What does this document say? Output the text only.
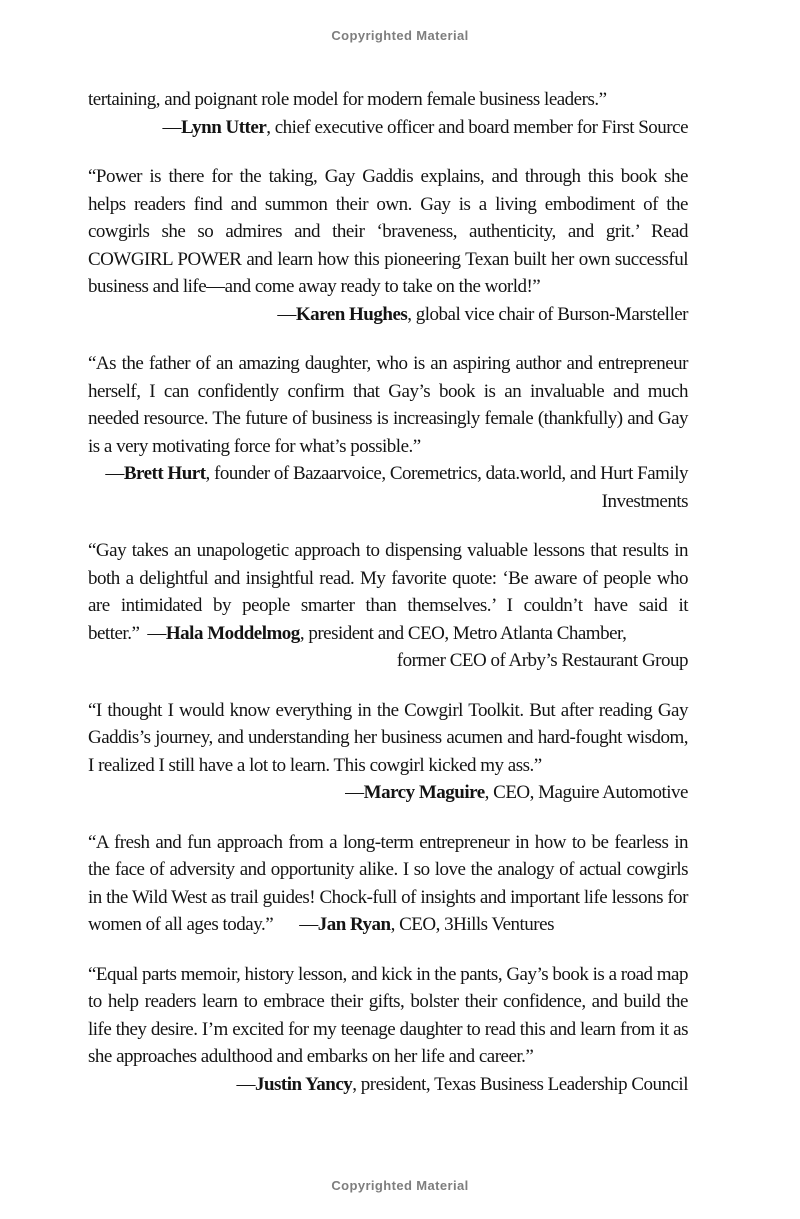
Copyrighted Material

tertaining, and poignant role model for modern female business leaders.”

—Lynn Utter, chief executive officer and board member for First Source

“Power is there for the taking, Gay Gaddis explains, and through this book she helps readers find and summon their own. Gay is a living embodiment of the cowgirls she so admires and their ‘braveness, authenticity, and grit.’ Read COWGIRL POWER and learn how this pioneering Texan built her own successful business and life—and come away ready to take on the world!”

—Karen Hughes, global vice chair of Burson-Marsteller

“As the father of an amazing daughter, who is an aspiring author and entrepreneur herself, I can confidently confirm that Gay’s book is an invaluable and much needed resource. The future of business is increasingly female (thankfully) and Gay is a very motivating force for what’s possible.”

—Brett Hurt, founder of Bazaarvoice, Coremetrics, data.world, and Hurt Family Investments

“Gay takes an unapologetic approach to dispensing valuable lessons that results in both a delightful and insightful read. My favorite quote: ‘Be aware of people who are intimidated by people smarter than themselves.’ I couldn’t have said it better.” —Hala Moddelmog, president and CEO, Metro Atlanta Chamber,

former CEO of Arby’s Restaurant Group

“I thought I would know everything in the Cowgirl Toolkit. But after reading Gay Gaddis’s journey, and understanding her business acumen and hard-fought wisdom, I realized I still have a lot to learn. This cowgirl kicked my ass.”

—Marcy Maguire, CEO, Maguire Automotive

“A fresh and fun approach from a long-term entrepreneur in how to be fearless in the face of adversity and opportunity alike. I so love the analogy of actual cowgirls in the Wild West as trail guides! Chock-full of insights and important life lessons for women of all ages today.” —Jan Ryan, CEO, 3Hills Ventures

“Equal parts memoir, history lesson, and kick in the pants, Gay’s book is a road map to help readers learn to embrace their gifts, bolster their confidence, and build the life they desire. I’m excited for my teenage daughter to read this and learn from it as she approaches adulthood and embarks on her life and career.”

—Justin Yancy, president, Texas Business Leadership Council

Copyrighted Material
